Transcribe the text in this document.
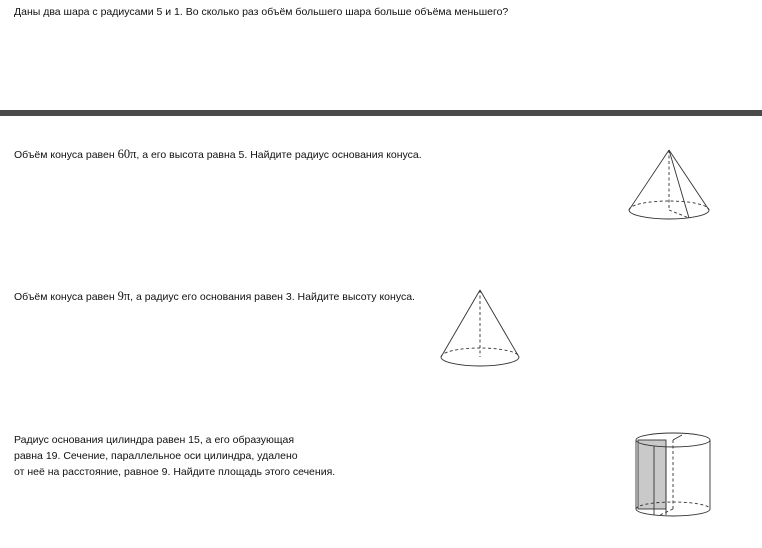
Даны два шара с радиусами 5 и 1. Во сколько раз объём большего шара больше объёма меньшего?

Объём конуса равен 60π, а его высота равна 5. Найдите радиус основания конуса.

Объём конуса равен 9π, а радиус его основания равен 3. Найдите высоту конуса.

Радиус основания цилиндра равен 15, а его образующая

равна 19. Сечение, параллельное оси цилиндра, удалено

от неё на расстояние, равное 9. Найдите площадь этого сечения.
